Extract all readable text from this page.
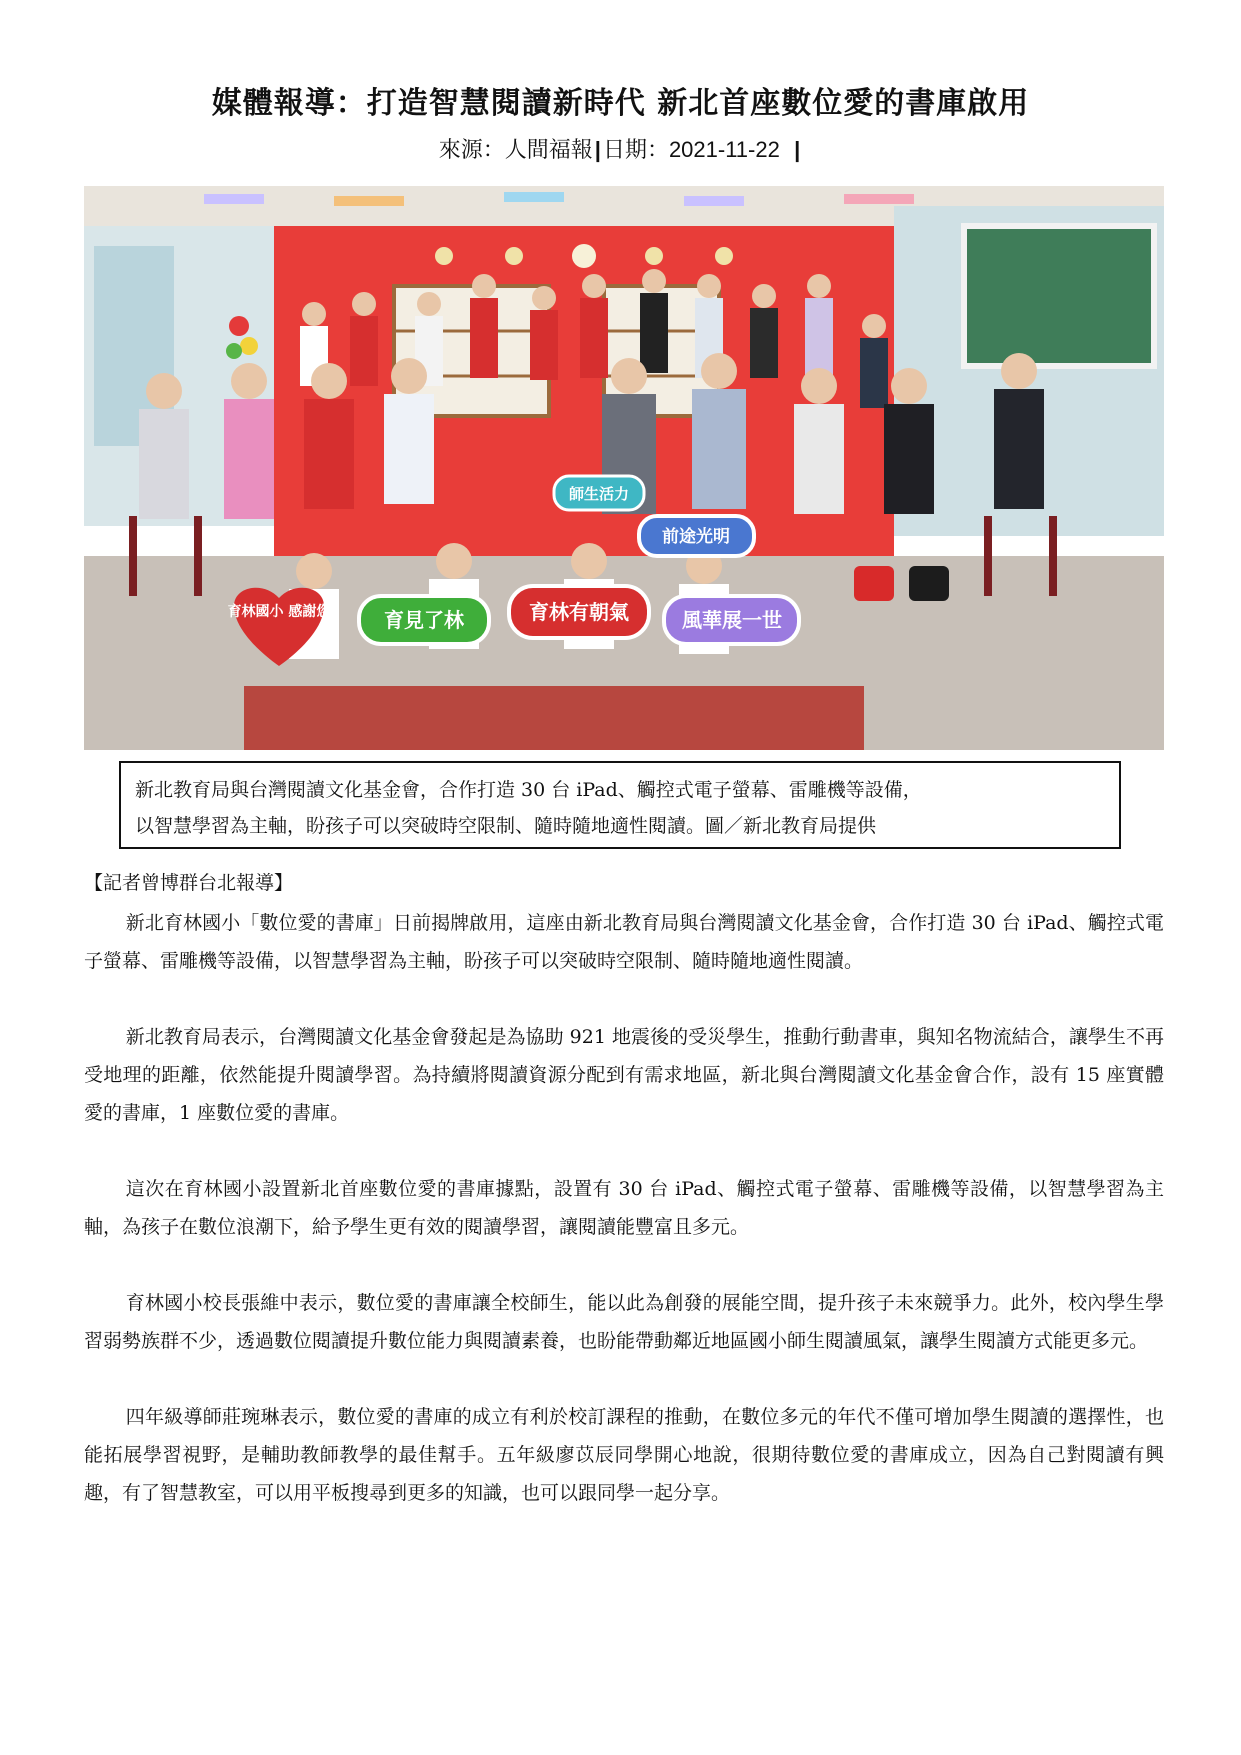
媒體報導：打造智慧閱讀新時代 新北首座數位愛的書庫啟用
來源：人間福報|日期：2021-11-22 |
育林國小 感謝您	育見了林	育林有朝氣	風華展一世
前途光明
師生活力

新北教育局與台灣閱讀文化基金會，合作打造 30 台 iPad、觸控式電子螢幕、雷雕機等設備，

以智慧學習為主軸，盼孩子可以突破時空限制、隨時隨地適性閱讀。圖／新北教育局提供

【記者曾博群台北報導】

新北育林國小「數位愛的書庫」日前揭牌啟用，這座由新北教育局與台灣閱讀文化基金會，合作打造 30 台 iPad、觸控式電子螢幕、雷雕機等設備，以智慧學習為主軸，盼孩子可以突破時空限制、隨時隨地適性閱讀。

新北教育局表示，台灣閱讀文化基金會發起是為協助 921 地震後的受災學生，推動行動書車，與知名物流結合，讓學生不再受地理的距離，依然能提升閱讀學習。為持續將閱讀資源分配到有需求地區，新北與台灣閱讀文化基金會合作，設有 15 座實體愛的書庫，1 座數位愛的書庫。

這次在育林國小設置新北首座數位愛的書庫據點，設置有 30 台 iPad、觸控式電子螢幕、雷雕機等設備，以智慧學習為主軸，為孩子在數位浪潮下，給予學生更有效的閱讀學習，讓閱讀能豐富且多元。

育林國小校長張維中表示，數位愛的書庫讓全校師生，能以此為創發的展能空間，提升孩子未來競爭力。此外，校內學生學習弱勢族群不少，透過數位閱讀提升數位能力與閱讀素養，也盼能帶動鄰近地區國小師生閱讀風氣，讓學生閱讀方式能更多元。

四年級導師莊琬琳表示，數位愛的書庫的成立有利於校訂課程的推動，在數位多元的年代不僅可增加學生閱讀的選擇性，也能拓展學習視野，是輔助教師教學的最佳幫手。五年級廖苡辰同學開心地說，很期待數位愛的書庫成立，因為自己對閱讀有興趣，有了智慧教室，可以用平板搜尋到更多的知識，也可以跟同學一起分享。
